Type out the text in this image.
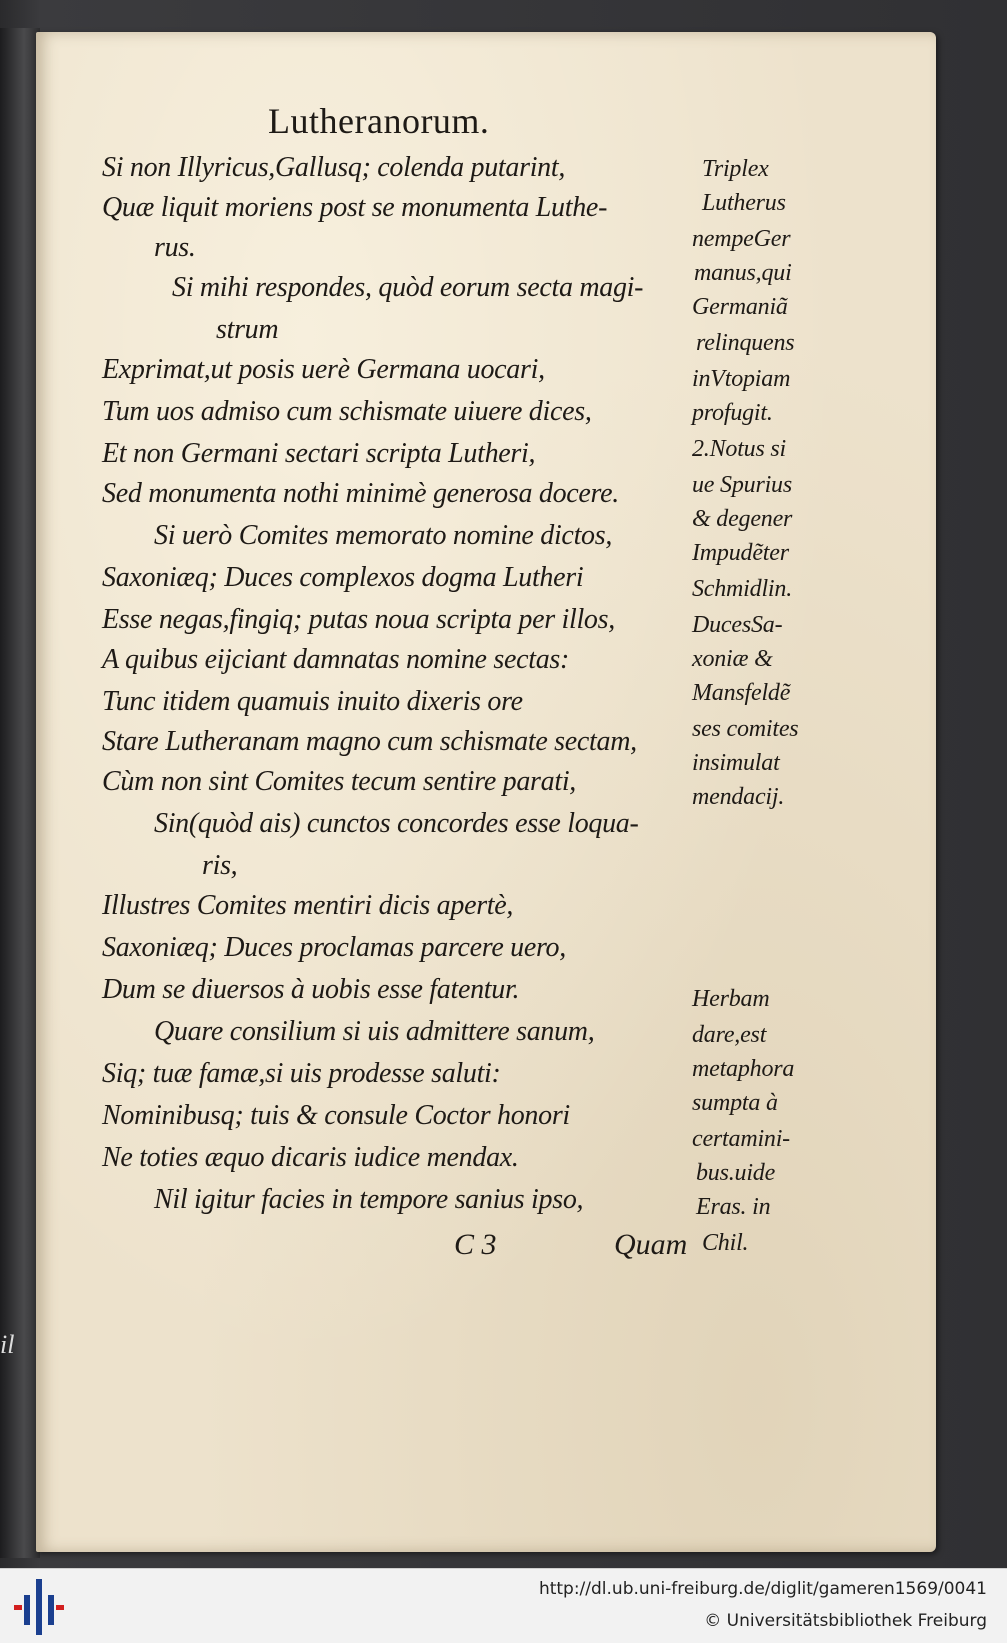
il
Lutheranorum.
Si non Illyricus,Gallusq; colenda putarint,
Quæ liquit moriens post se monumenta Luthe-
rus.
Si mihi respondes, quòd eorum secta magi-
strum
Exprimat,ut posis uerè Germana uocari,
Tum uos admiso cum schismate uiuere dices,
Et non Germani sectari scripta Lutheri,
Sed monumenta nothi minimè generosa docere.
Si uerò Comites memorato nomine dictos,
Saxoniæq; Duces complexos dogma Lutheri
Esse negas,fingiq; putas noua scripta per illos,
A quibus eijciant damnatas nomine sectas:
Tunc itidem quamuis inuito dixeris ore
Stare Lutheranam magno cum schismate sectam,
Cùm non sint Comites tecum sentire parati,
Sin(quòd ais) cunctos concordes esse loqua-
ris,
Illustres Comites mentiri dicis apertè,
Saxoniæq; Duces proclamas parcere uero,
Dum se diuersos à uobis esse fatentur.
Quare consilium si uis admittere sanum,
Siq; tuæ famæ,si uis prodesse saluti:
Nominibusq; tuis & consule Coctor honori
Ne toties æquo dicaris iudice mendax.
Nil igitur facies in tempore sanius ipso,
Triplex
Lutherus
nempeGer
manus,qui
Germaniã
relinquens
inVtopiam
profugit.
2.Notus si
ue Spurius
& degener
Impudẽter
Schmidlin.
DucesSa-
xoniæ &
Mansfeldẽ
ses comites
insimulat
mendacij.
Herbam
dare,est
metaphora
sumpta à
certamini-
bus.uide
Eras. in
Chil.
C 3	Quam
http://dl.ub.uni-freiburg.de/diglit/gameren1569/0041
© Universitätsbibliothek Freiburg
